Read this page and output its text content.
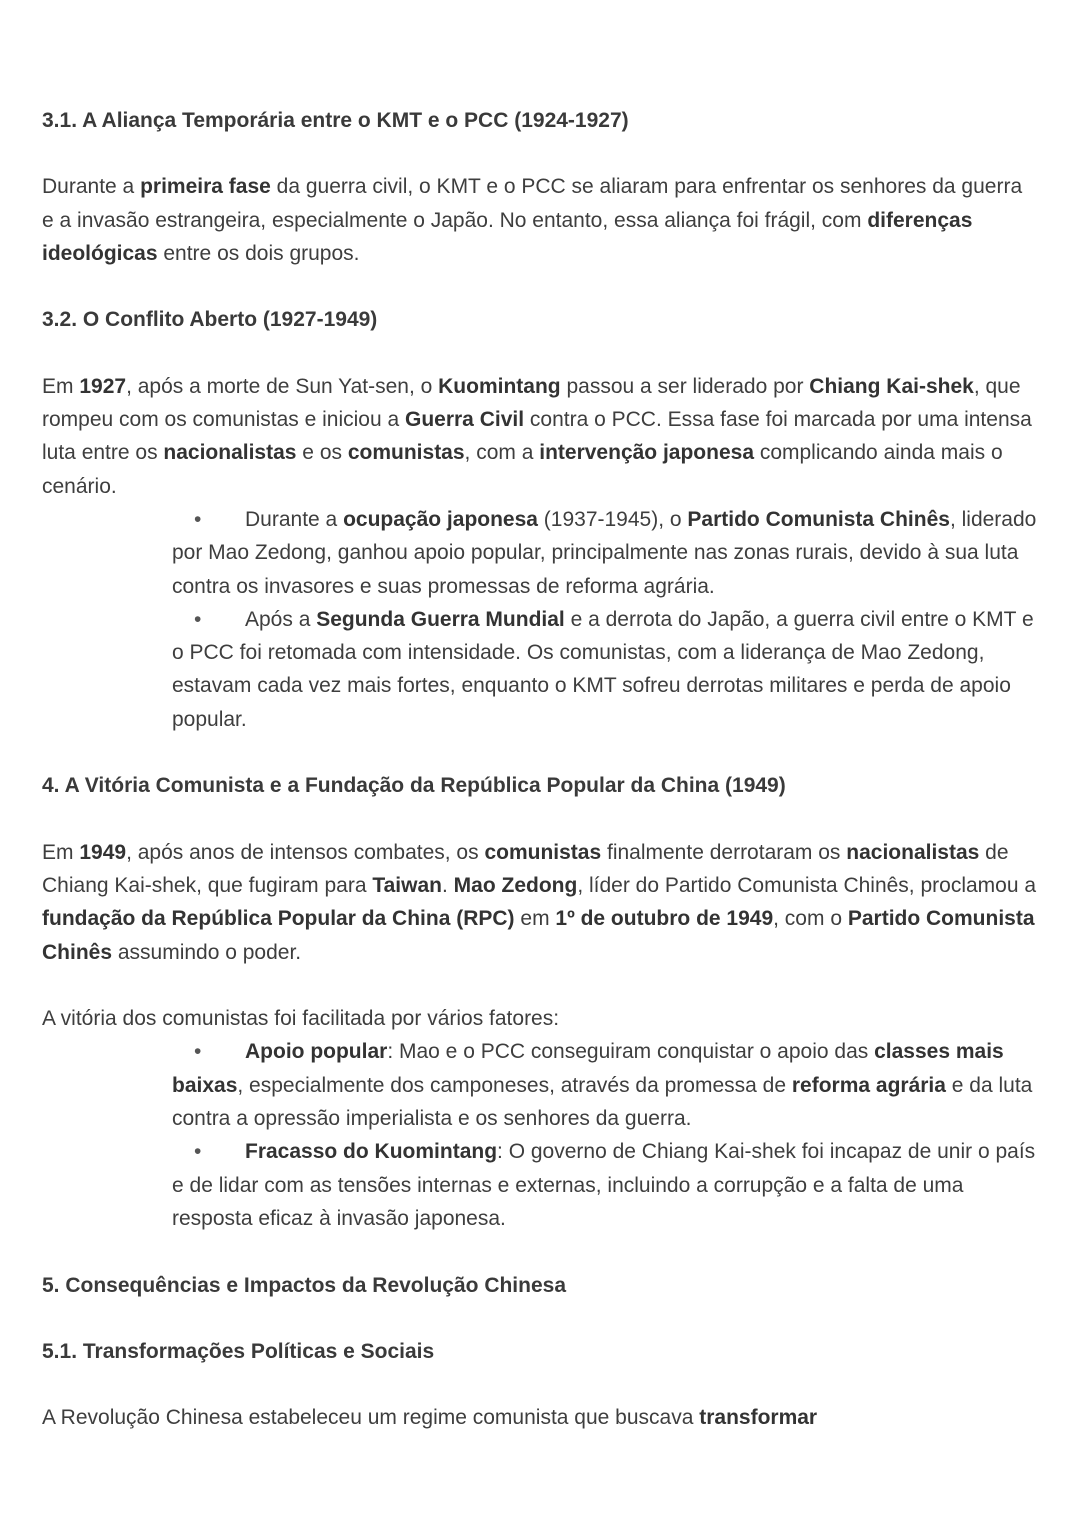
3.1. A Aliança Temporária entre o KMT e o PCC (1924-1927)

Durante a primeira fase da guerra civil, o KMT e o PCC se aliaram para enfrentar os senhores da guerra e a invasão estrangeira, especialmente o Japão. No entanto, essa aliança foi frágil, com diferenças ideológicas entre os dois grupos.

3.2. O Conflito Aberto (1927-1949)

Em 1927, após a morte de Sun Yat-sen, o Kuomintang passou a ser liderado por Chiang Kai-shek, que rompeu com os comunistas e iniciou a Guerra Civil contra o PCC. Essa fase foi marcada por uma intensa luta entre os nacionalistas e os comunistas, com a intervenção japonesa complicando ainda mais o cenário.

• Durante a ocupação japonesa (1937-1945), o Partido Comunista Chinês, liderado por Mao Zedong, ganhou apoio popular, principalmente nas zonas rurais, devido à sua luta contra os invasores e suas promessas de reforma agrária.
• Após a Segunda Guerra Mundial e a derrota do Japão, a guerra civil entre o KMT e o PCC foi retomada com intensidade. Os comunistas, com a liderança de Mao Zedong, estavam cada vez mais fortes, enquanto o KMT sofreu derrotas militares e perda de apoio popular.
4. A Vitória Comunista e a Fundação da República Popular da China (1949)

Em 1949, após anos de intensos combates, os comunistas finalmente derrotaram os nacionalistas de Chiang Kai-shek, que fugiram para Taiwan. Mao Zedong, líder do Partido Comunista Chinês, proclamou a fundação da República Popular da China (RPC) em 1º de outubro de 1949, com o Partido Comunista Chinês assumindo o poder.

A vitória dos comunistas foi facilitada por vários fatores:

• Apoio popular: Mao e o PCC conseguiram conquistar o apoio das classes mais baixas, especialmente dos camponeses, através da promessa de reforma agrária e da luta contra a opressão imperialista e os senhores da guerra.
• Fracasso do Kuomintang: O governo de Chiang Kai-shek foi incapaz de unir o país e de lidar com as tensões internas e externas, incluindo a corrupção e a falta de uma resposta eficaz à invasão japonesa.
5. Consequências e Impactos da Revolução Chinesa
5.1. Transformações Políticas e Sociais

A Revolução Chinesa estabeleceu um regime comunista que buscava transformar
